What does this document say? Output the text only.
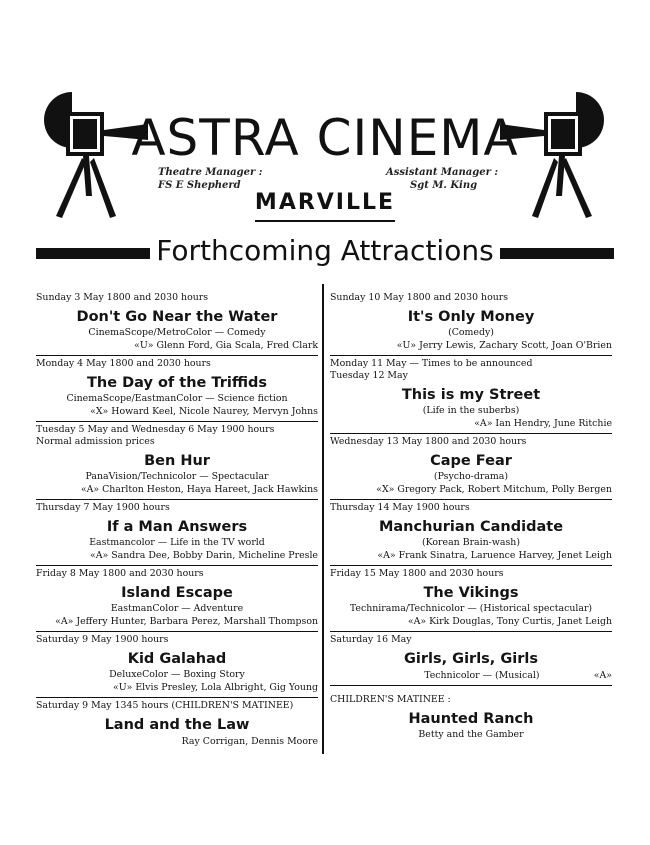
ASTRA CINEMA
Theatre Manager :
FS E Shepherd
Assistant Manager :
Sgt M. King
MARVILLE
Forthcoming Attractions
Sunday 3 May 1800 and 2030 hours
Don't Go Near the Water
CinemaScope/MetroColor — Comedy
«U» Glenn Ford, Gia Scala, Fred Clark
Monday 4 May 1800 and 2030 hours
The Day of the Triffids
CinemaScope/EastmanColor — Science fiction
«X» Howard Keel, Nicole Naurey, Mervyn Johns
Tuesday 5 May and Wednesday 6 May 1900 hours
Normal admission prices
Ben Hur
PanaVision/Technicolor — Spectacular
«A» Charlton Heston, Haya Hareet, Jack Hawkins
Thursday 7 May 1900 hours
If a Man Answers
Eastmancolor — Life in the TV world
«A» Sandra Dee, Bobby Darin, Micheline Presle
Friday 8 May 1800 and 2030 hours
Island Escape
EastmanColor — Adventure
«A» Jeffery Hunter, Barbara Perez, Marshall Thompson
Saturday 9 May 1900 hours
Kid Galahad
DeluxeColor — Boxing Story
«U» Elvis Presley, Lola Albright, Gig Young
Saturday 9 May 1345 hours (CHILDREN'S MATINEE)
Land and the Law
Ray Corrigan, Dennis Moore
Sunday 10 May 1800 and 2030 hours
It's Only Money
(Comedy)
«U» Jerry Lewis, Zachary Scott, Joan O'Brien
Monday 11 May — Times to be announced
Tuesday 12 May
This is my Street
(Life in the suberbs)
«A» Ian Hendry, June Ritchie
Wednesday 13 May 1800 and 2030 hours
Cape Fear
(Psycho-drama)
«X» Gregory Pack, Robert Mitchum, Polly Bergen
Thursday 14 May 1900 hours
Manchurian Candidate
(Korean Brain-wash)
«A» Frank Sinatra, Laruence Harvey, Jenet Leigh
Friday 15 May 1800 and 2030 hours
The Vikings
Technirama/Technicolor — (Historical spectacular)
«A» Kirk Douglas, Tony Curtis, Janet Leigh
Saturday 16 May
Girls, Girls, Girls
Technicolor — (Musical)	«A»
CHILDREN'S MATINEE :
Haunted Ranch
Betty and the Gamber
